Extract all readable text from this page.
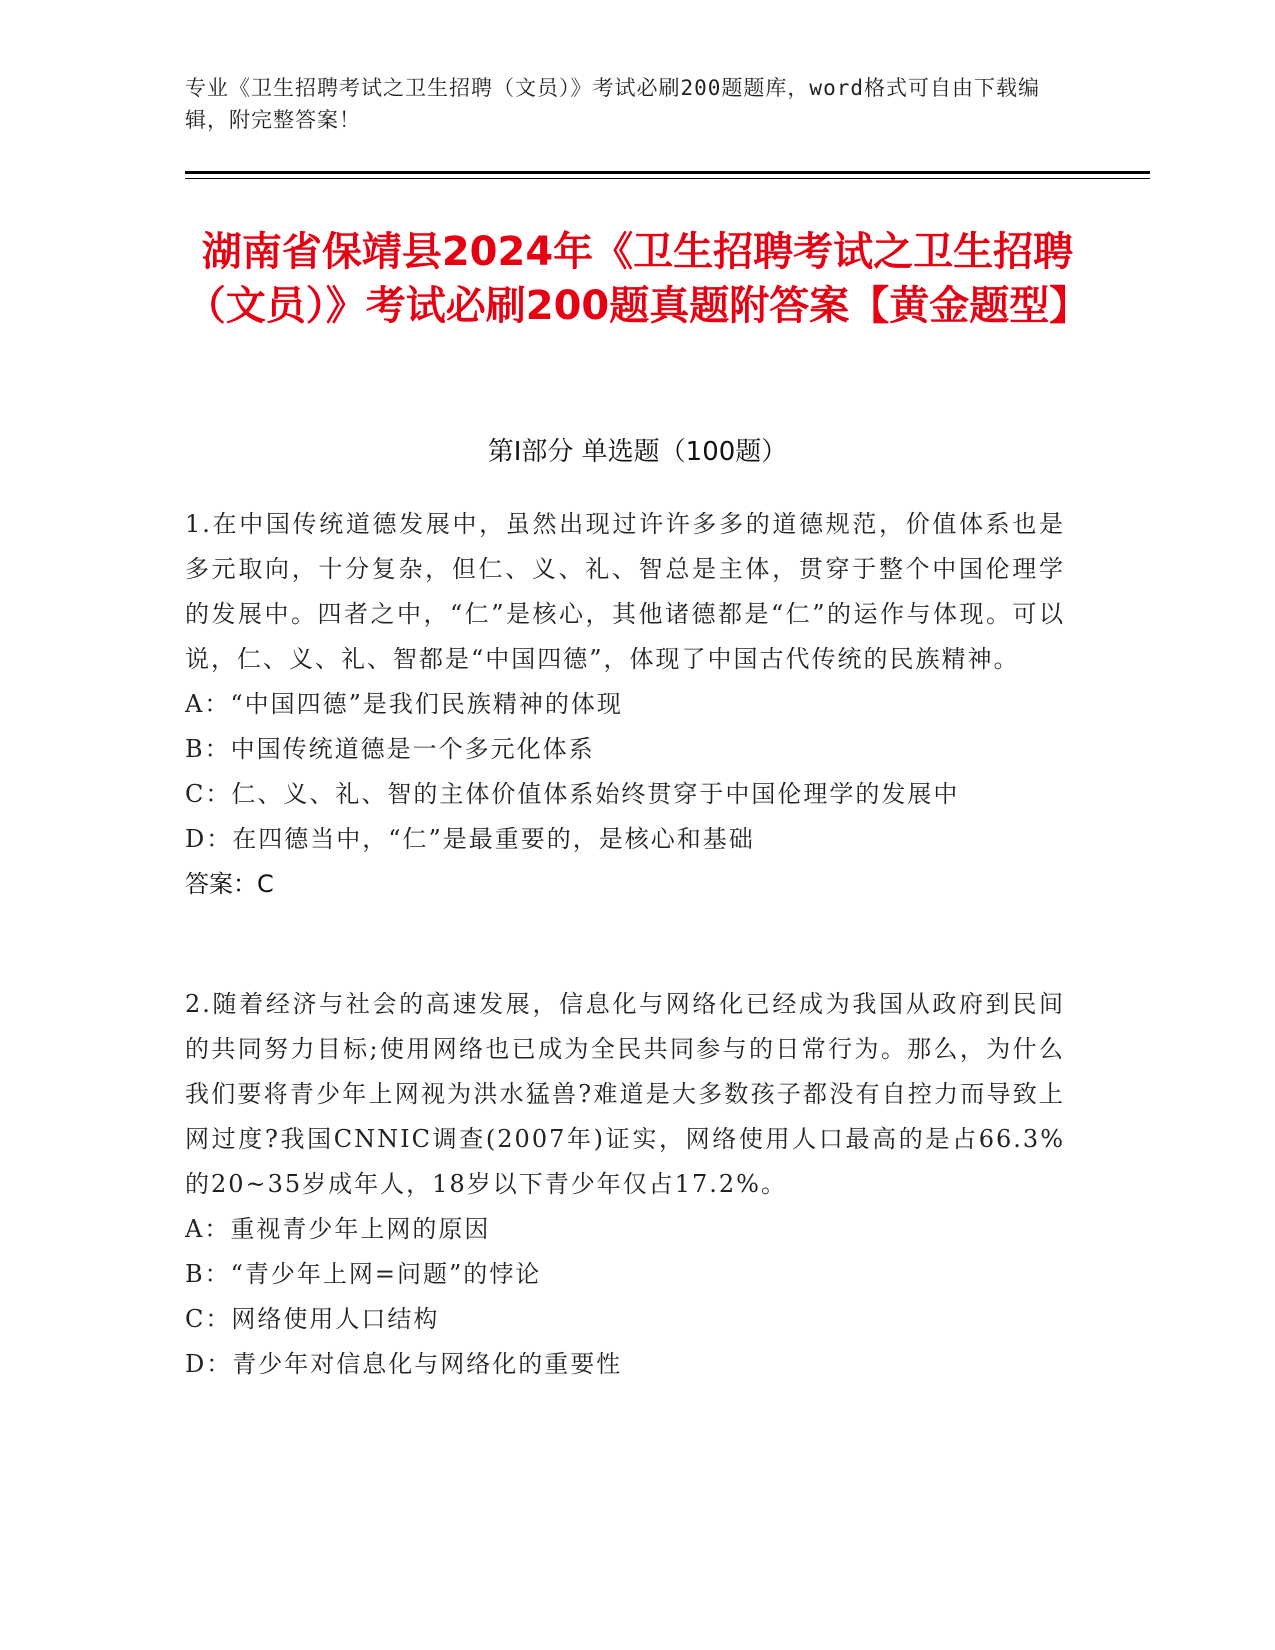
专业《卫生招聘考试之卫生招聘（文员）》考试必刷200题题库，word格式可自由下载编辑，附完整答案！
湖南省保靖县2024年《卫生招聘考试之卫生招聘（文员）》考试必刷200题真题附答案【黄金题型】
第Ⅰ部分 单选题（100题）

1.在中国传统道德发展中，虽然出现过许许多多的道德规范，价值体系也是多元取向，十分复杂，但仁、义、礼、智总是主体，贯穿于整个中国伦理学的发展中。四者之中，“仁”是核心，其他诸德都是“仁”的运作与体现。可以说，仁、义、礼、智都是“中国四德”，体现了中国古代传统的民族精神。

A：“中国四德”是我们民族精神的体现

B：中国传统道德是一个多元化体系

C：仁、义、礼、智的主体价值体系始终贯穿于中国伦理学的发展中

D：在四德当中，“仁”是最重要的，是核心和基础

答案：C

2.随着经济与社会的高速发展，信息化与网络化已经成为我国从政府到民间的共同努力目标;使用网络也已成为全民共同参与的日常行为。那么，为什么我们要将青少年上网视为洪水猛兽?难道是大多数孩子都没有自控力而导致上网过度?我国CNNIC调查(2007年)证实，网络使用人口最高的是占66.3%的20~35岁成年人，18岁以下青少年仅占17.2%。

A：重视青少年上网的原因

B：“青少年上网=问题”的悖论

C：网络使用人口结构

D：青少年对信息化与网络化的重要性
